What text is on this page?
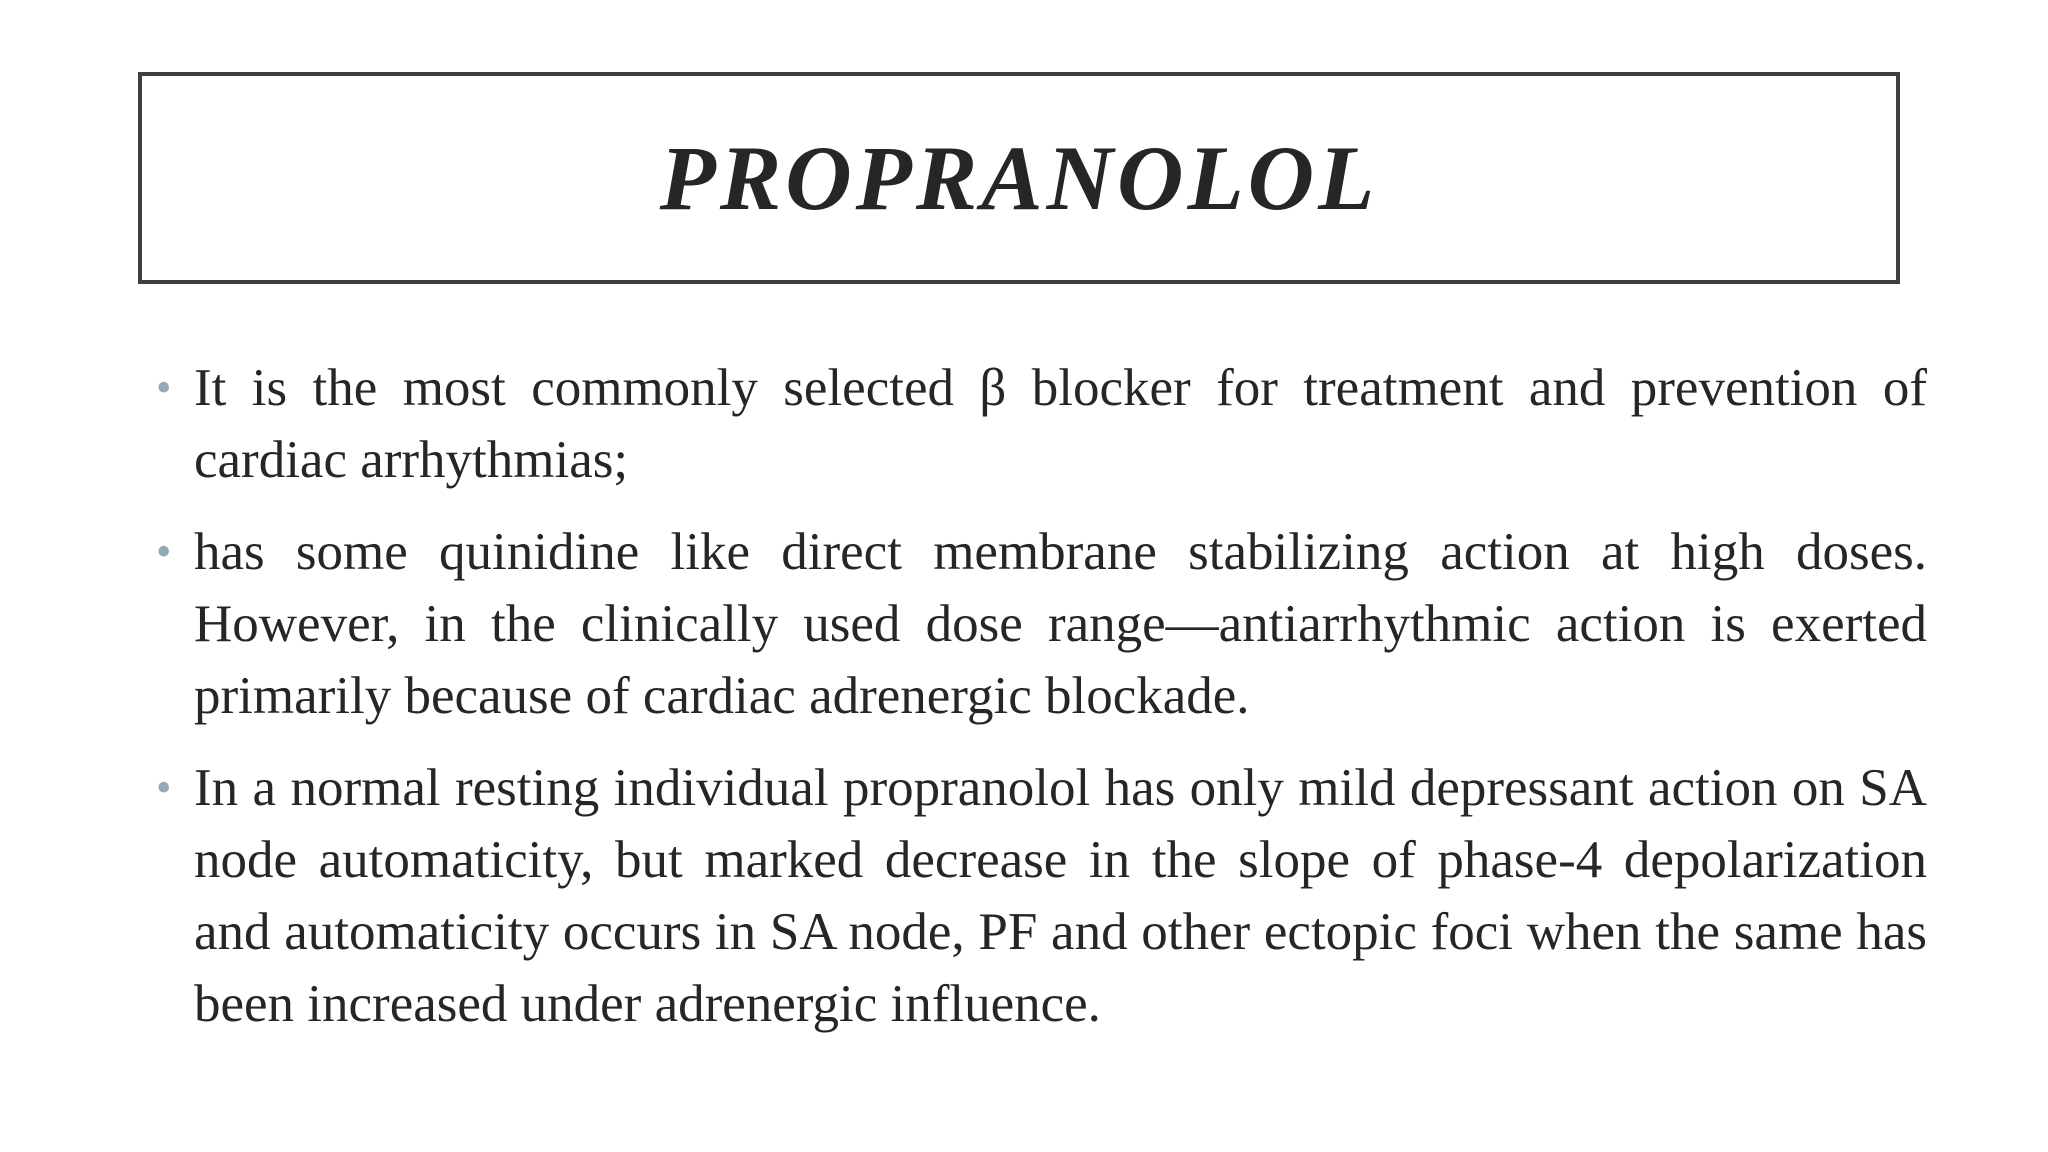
PROPRANOLOL
• It is the most commonly selected β blocker for treatment and prevention of cardiac arrhythmias;
• has some quinidine like direct membrane stabilizing action at high doses. However, in the clinically used dose range—antiarrhythmic action is exerted primarily because of cardiac adrenergic blockade.
• In a normal resting individual propranolol has only mild depressant action on SA node automaticity, but marked decrease in the slope of phase-4 depolarization and automaticity occurs in SA node, PF and other ectopic foci when the same has been increased under adrenergic influence.
